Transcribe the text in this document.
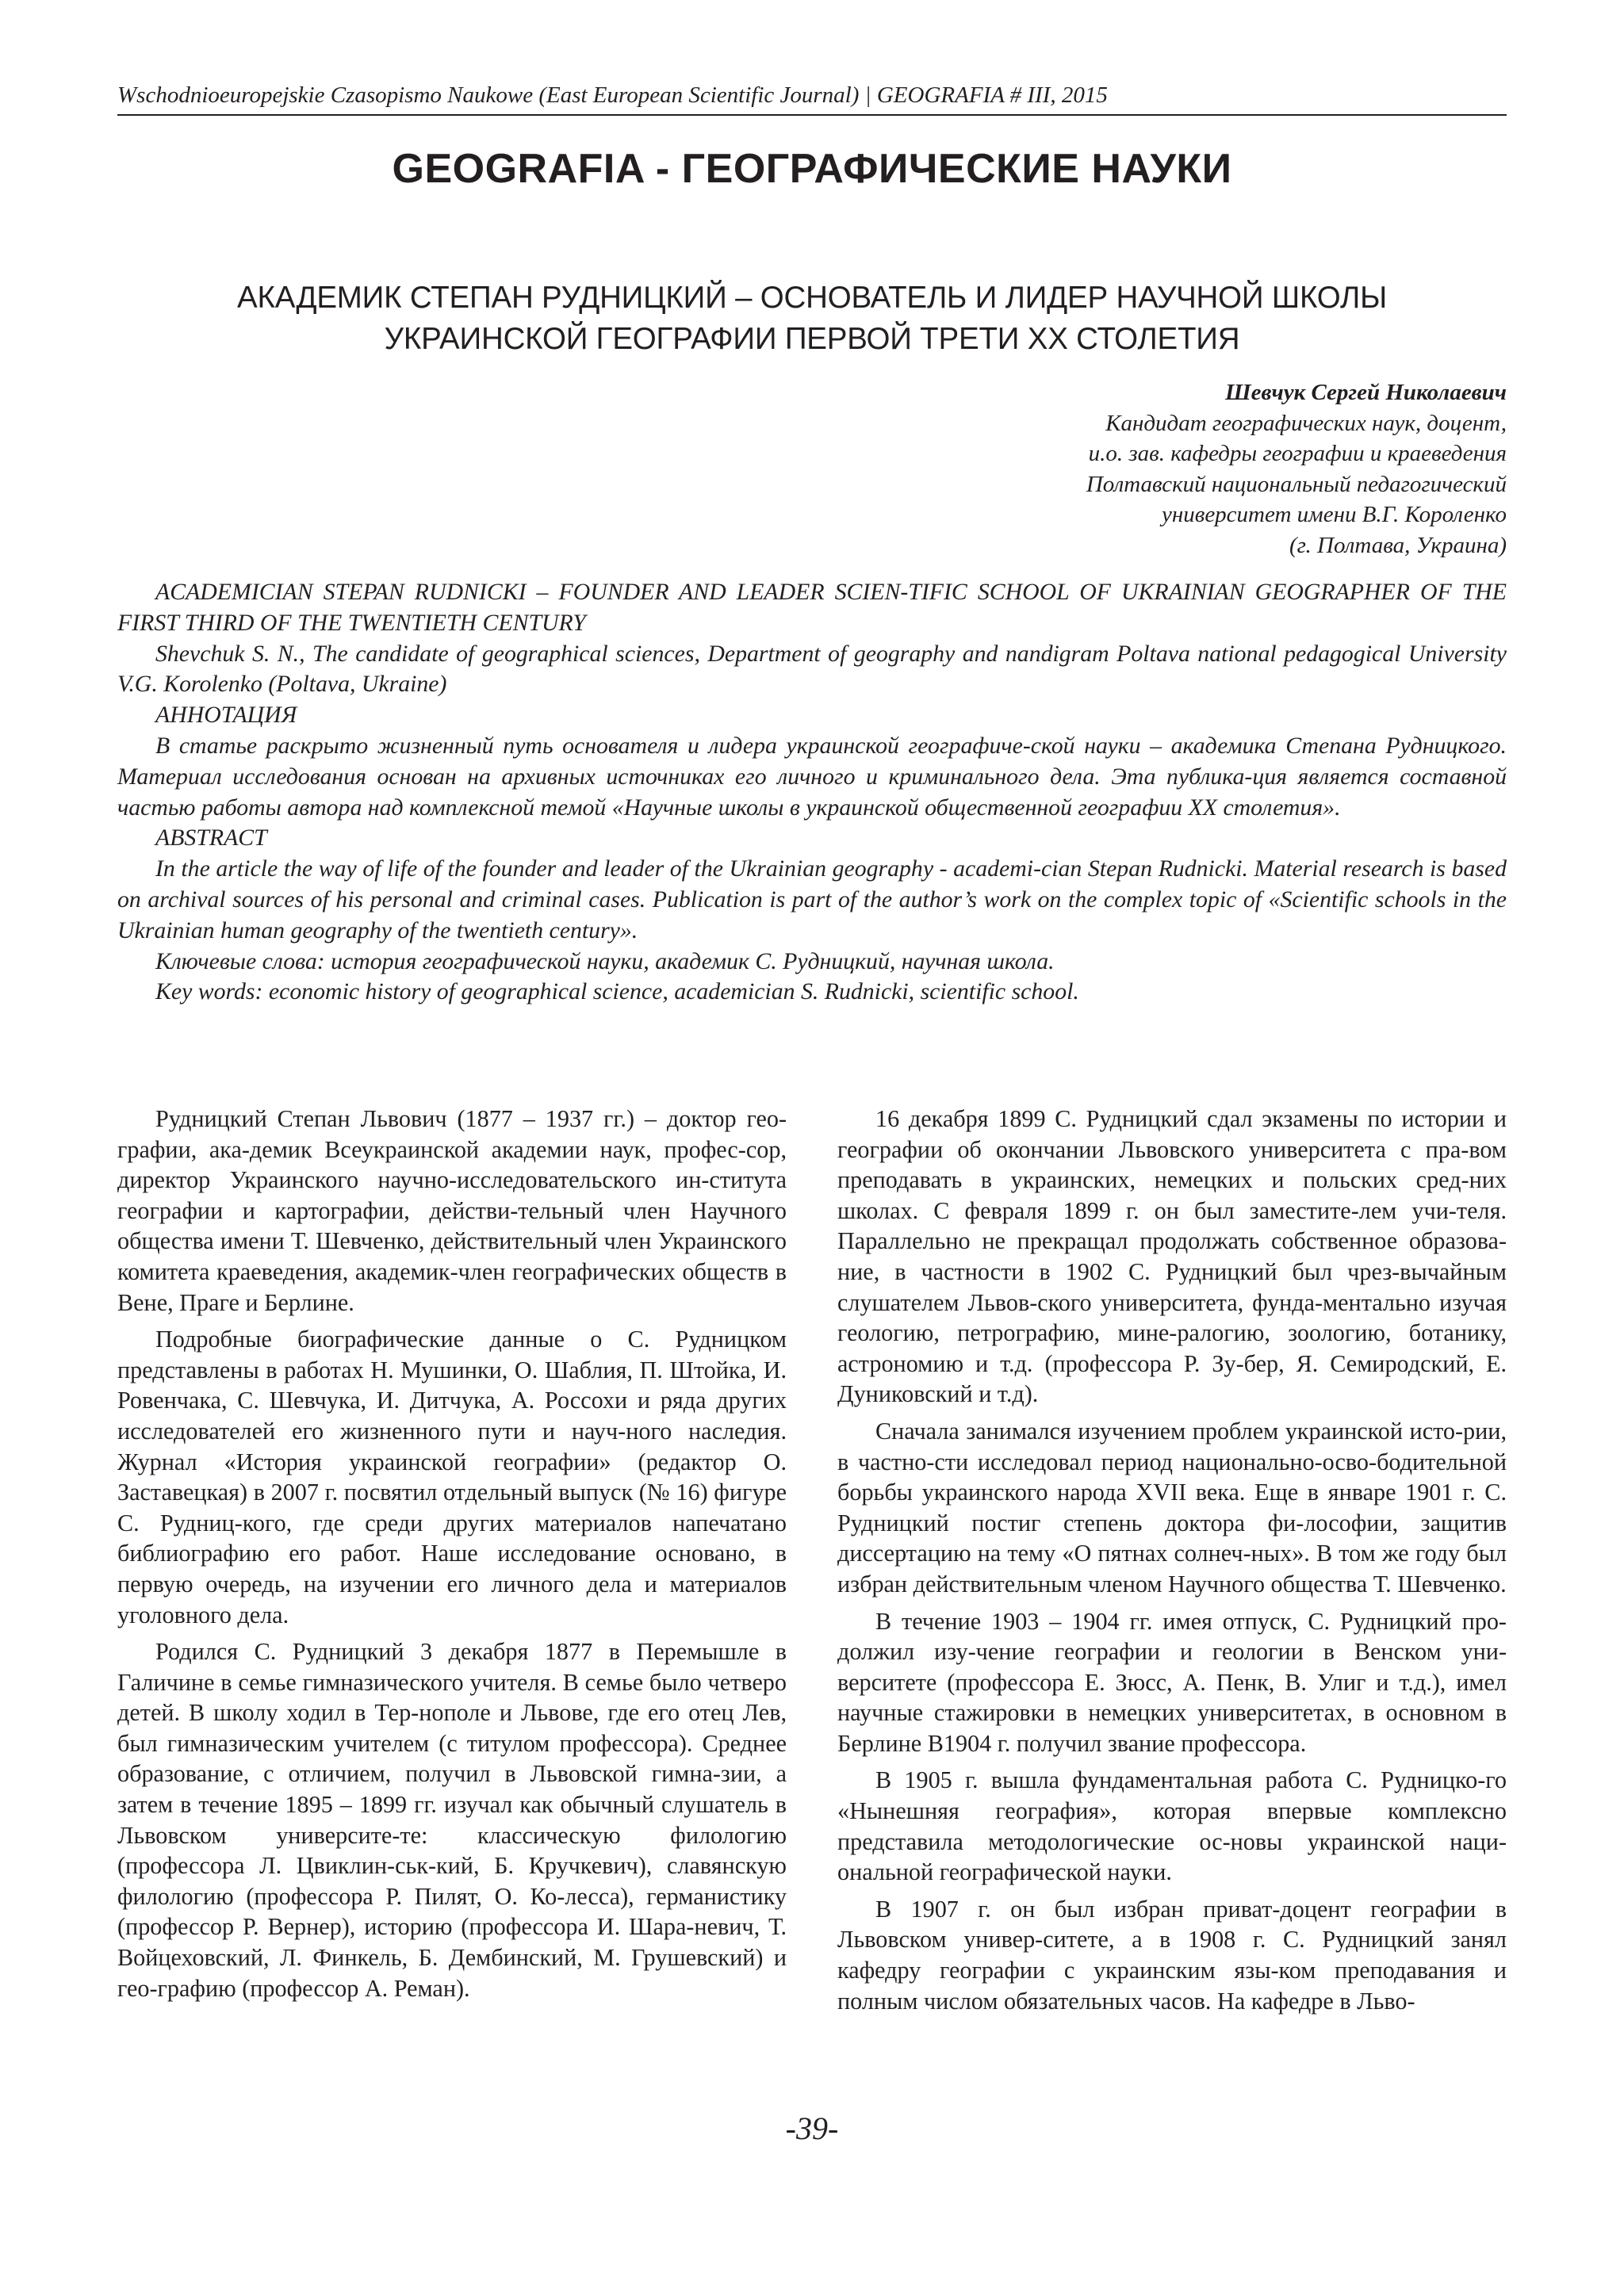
Wschodnioeuropejskie Czasopismo Naukowe (East European Scientific Journal) | GEOGRAFIA # III, 2015
GEOGRAFIA - ГЕОГРАФИЧЕСКИЕ НАУКИ
АКАДЕМИК СТЕПАН РУДНИЦКИЙ – ОСНОВАТЕЛЬ И ЛИДЕР НАУЧНОЙ ШКОЛЫ
УКРАИНСКОЙ ГЕОГРАФИИ ПЕРВОЙ ТРЕТИ ХХ СТОЛЕТИЯ
Шевчук Сергей Николаевич
Кандидат географических наук, доцент,
и.о. зав. кафедры географии и краеведения
Полтавский национальный педагогический
университет имени В.Г. Короленко
(г. Полтава, Украина)

ACADEMICIAN STEPAN RUDNICKI – FOUNDER AND LEADER SCIEN-TIFIC SCHOOL OF UKRAINIAN GEOGRAPHER OF THE FIRST THIRD OF THE TWENTIETH CENTURY

Shevchuk S. N., The candidate of geographical sciences, Department of geography and nandigram Poltava national pedagogical University V.G. Korolenko (Poltava, Ukraine)

АННОТАЦИЯ

В статье раскрыто жизненный путь основателя и лидера украинской географиче-ской науки – академика Степана Рудницкого. Материал исследования основан на архивных источниках его личного и криминального дела. Эта публика-ция является составной частью работы автора над комплексной темой «Научные школы в украинской общественной географии ХХ столетия».

ABSTRACT

In the article the way of life of the founder and leader of the Ukrainian geography - academi-cian Stepan Rudnicki. Material research is based on archival sources of his personal and criminal cases. Publication is part of the author’s work on the complex topic of «Scientific schools in the Ukrainian human geography of the twentieth century».

Ключевые слова: история географической науки, академик С. Рудницкий, научная школа.

Key words: economic history of geographical science, academician S. Rudnicki, scientific school.

Рудницкий Степан Львович (1877 – 1937 гг.) – доктор гео-графии, ака-демик Всеукраинской академии наук, профес-сор, директор Украинского научно-исследовательского ин-ститута географии и картографии, действи-тельный член Научного общества имени Т. Шевченко, действительный член Украинского комитета краеведения, академик-член географических обществ в Вене, Праге и Берлине.

Подробные биографические данные о С. Рудницком представлены в работах Н. Мушинки, О. Шаблия, П. Штойка, И. Ровенчака, С. Шевчука, И. Дитчука, А. Россохи и ряда других исследователей его жизненного пути и науч-ного наследия. Журнал «История украинской географии» (редактор О. Заставецкая) в 2007 г. посвятил отдельный выпуск (№ 16) фигуре С. Рудниц-кого, где среди других материалов напечатано библиографию его работ. Наше исследование основано, в первую очередь, на изучении его личного дела и материалов уголовного дела.

Родился С. Рудницкий 3 декабря 1877 в Перемышле в Галичине в семье гимназического учителя. В семье было четверо детей. В школу ходил в Тер-нополе и Львове, где его отец Лев, был гимназическим учителем (с титулом профессора). Среднее образование, с отличием, получил в Львовской гимна-зии, а затем в течение 1895 – 1899 гг. изучал как обычный слушатель в Львовском университе-те: классическую филологию (профессора Л. Цвиклин-ськ-кий, Б. Кручкевич), славянскую филологию (профессора Р. Пилят, О. Ко-лесса), германистику (профессор Р. Вернер), историю (профессора И. Шара-невич, Т. Войцеховский, Л. Финкель, Б. Дембинский, М. Грушевский) и гео-графию (профессор А. Реман).

16 декабря 1899 С. Рудницкий сдал экзамены по истории и географии об окончании Львовского университета с пра-вом преподавать в украинских, немецких и польских сред-них школах. С февраля 1899 г. он был заместите-лем учи-теля. Параллельно не прекращал продолжать собственное образова-ние, в частности в 1902 С. Рудницкий был чрез-вычайным слушателем Львов-ского университета, фунда-ментально изучая геологию, петрографию, мине-ралогию, зоологию, ботанику, астрономию и т.д. (профессора Р. Зу-бер, Я. Семиродский, Е. Дуниковский и т.д).

Сначала занимался изучением проблем украинской исто-рии, в частно-сти исследовал период национально-осво-бодительной борьбы украинского народа XVII века. Еще в январе 1901 г. С. Рудницкий постиг степень доктора фи-лософии, защитив диссертацию на тему «О пятнах солнеч-ных». В том же году был избран действительным членом Научного общества Т. Шевченко.

В течение 1903 – 1904 гг. имея отпуск, С. Рудницкий про-должил изу-чение географии и геологии в Венском уни-верситете (профессора Е. Зюсс, А. Пенк, В. Улиг и т.д.), имел научные стажировки в немецких университетах, в основном в Берлине В1904 г. получил звание профессора.

В 1905 г. вышла фундаментальная работа С. Рудницко-го «Нынешняя география», которая впервые комплексно представила методологические ос-новы украинской наци-ональной географической науки.

В 1907 г. он был избран приват-доцент географии в Львовском универ-ситете, а в 1908 г. С. Рудницкий занял кафедру географии с украинским язы-ком преподавания и полным числом обязательных часов. На кафедре в Льво-

-39-
